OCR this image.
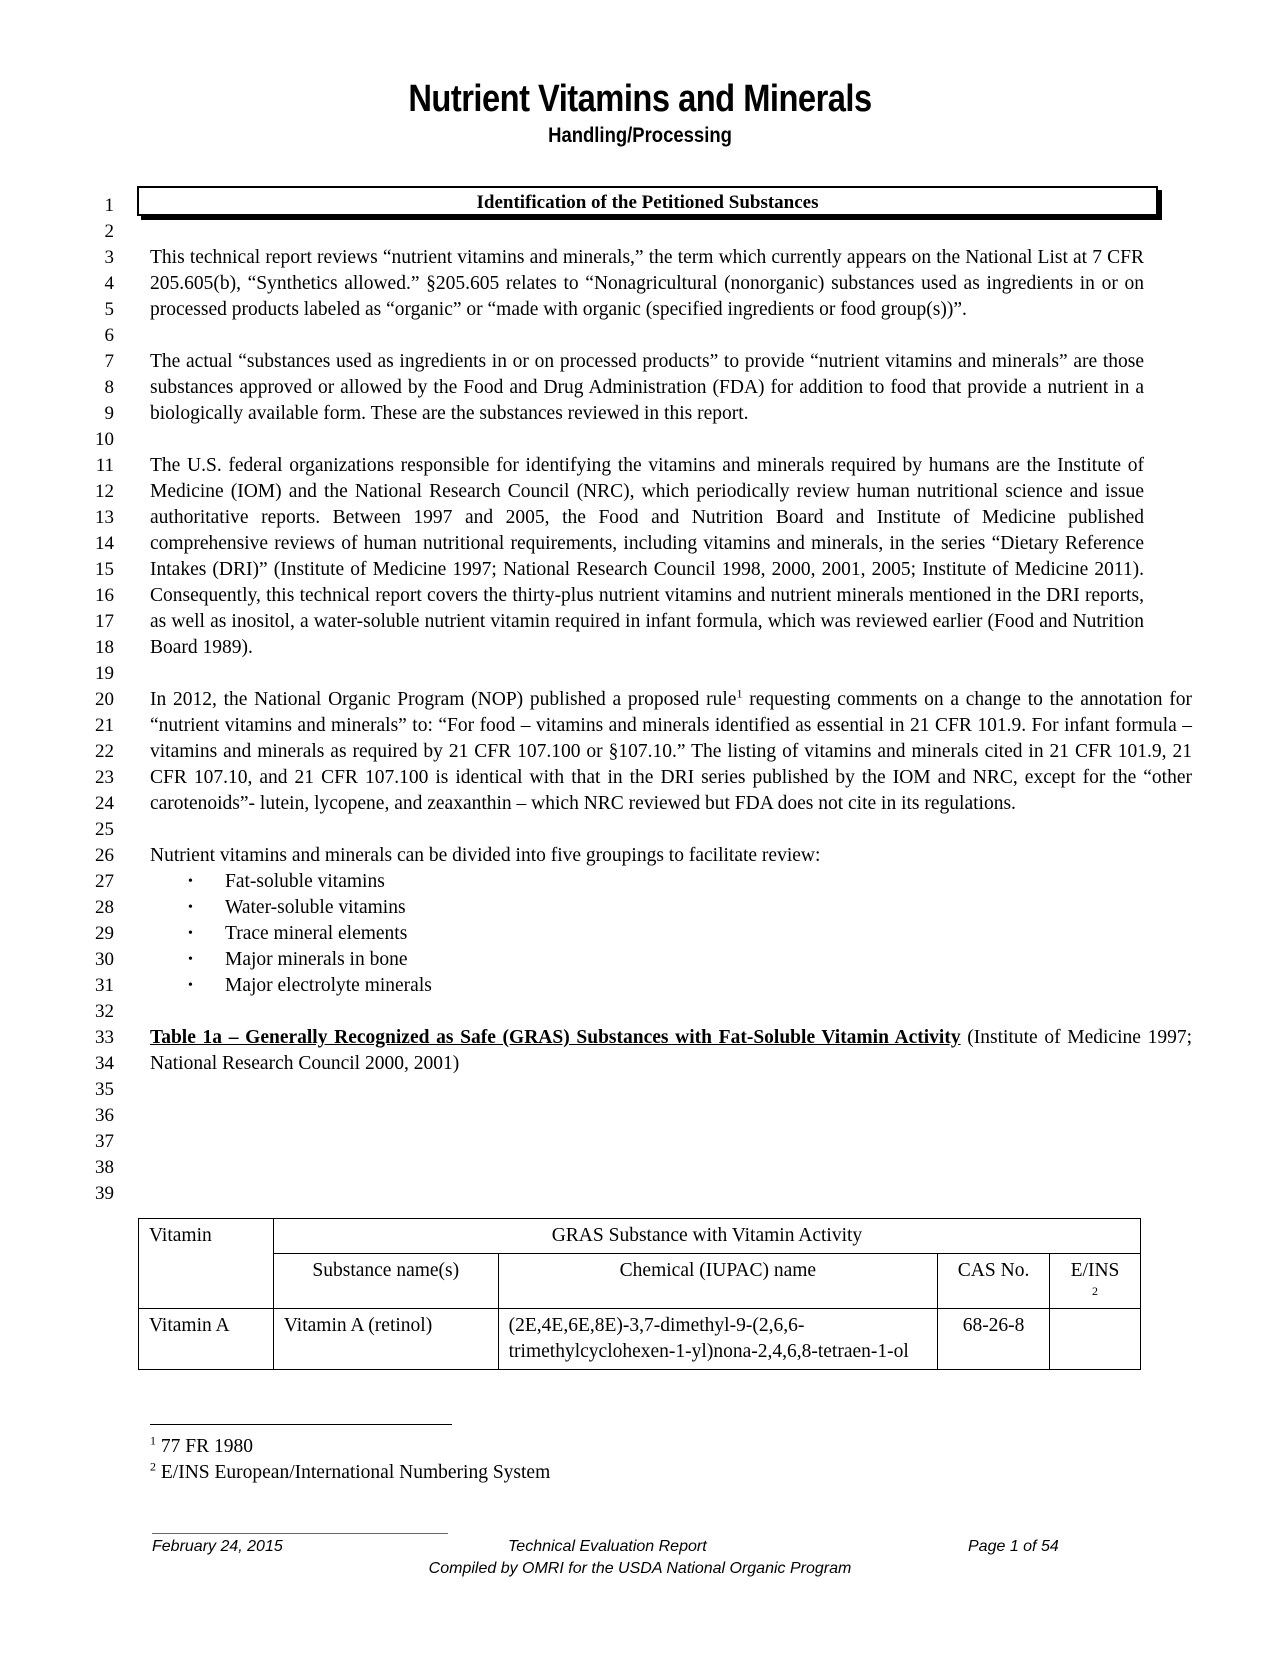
Nutrient Vitamins and Minerals
Handling/Processing
1
2
3
4
5
6
7
8
9
10
11
12
13
14
15
16
17
18
19
20
21
22
23
24
25
26
27
28
29
30
31
32
33
34
35
36
37
38
39
Identification of the Petitioned Substances

This technical report reviews “nutrient vitamins and minerals,” the term which currently appears on the National List at 7 CFR 205.605(b), “Synthetics allowed.” §205.605 relates to “Nonagricultural (nonorganic) substances used as ingredients in or on processed products labeled as “organic” or “made with organic (specified ingredients or food group(s))”.

The actual “substances used as ingredients in or on processed products” to provide “nutrient vitamins and minerals” are those substances approved or allowed by the Food and Drug Administration (FDA) for addition to food that provide a nutrient in a biologically available form. These are the substances reviewed in this report.

The U.S. federal organizations responsible for identifying the vitamins and minerals required by humans are the Institute of Medicine (IOM) and the National Research Council (NRC), which periodically review human nutritional science and issue authoritative reports. Between 1997 and 2005, the Food and Nutrition Board and Institute of Medicine published comprehensive reviews of human nutritional requirements, including vitamins and minerals, in the series “Dietary Reference Intakes (DRI)” (Institute of Medicine 1997; National Research Council 1998, 2000, 2001, 2005; Institute of Medicine 2011). Consequently, this technical report covers the thirty-plus nutrient vitamins and nutrient minerals mentioned in the DRI reports, as well as inositol, a water-soluble nutrient vitamin required in infant formula, which was reviewed earlier (Food and Nutrition Board 1989).

In 2012, the National Organic Program (NOP) published a proposed rule$^1$ requesting comments on a change to the annotation for “nutrient vitamins and minerals” to: “For food – vitamins and minerals identified as essential in 21 CFR 101.9. For infant formula – vitamins and minerals as required by 21 CFR 107.100 or §107.10.” The listing of vitamins and minerals cited in 21 CFR 101.9, 21 CFR 107.10, and 21 CFR 107.100 is identical with that in the DRI series published by the IOM and NRC, except for the “other carotenoids”- lutein, lycopene, and zeaxanthin – which NRC reviewed but FDA does not cite in its regulations.

Nutrient vitamins and minerals can be divided into five groupings to facilitate review:

• Fat-soluble vitamins
• Water-soluble vitamins
• Trace mineral elements
• Major minerals in bone
• Major electrolyte minerals

Table 1a – Generally Recognized as Safe (GRAS) Substances with Fat-Soluble Vitamin Activity (Institute of Medicine 1997; National Research Council 2000, 2001)

Vitamin	GRAS Substance with Vitamin Activity			
	Substance name(s)	Chemical (IUPAC) name	CAS No.	E/INS
2

Vitamin A	Vitamin A (retinol)	(2E,4E,6E,8E)-3,7-dimethyl-9-(2,6,6-trimethylcyclohexen-1-yl)nona-2,4,6,8-tetraen-1-ol	68-26-8	
$^1$ 77 FR 1980
$^2$ E/INS European/International Numbering System
February 24, 2015	Technical Evaluation Report	Page 1 of 54
Compiled by OMRI for the USDA National Organic Program
